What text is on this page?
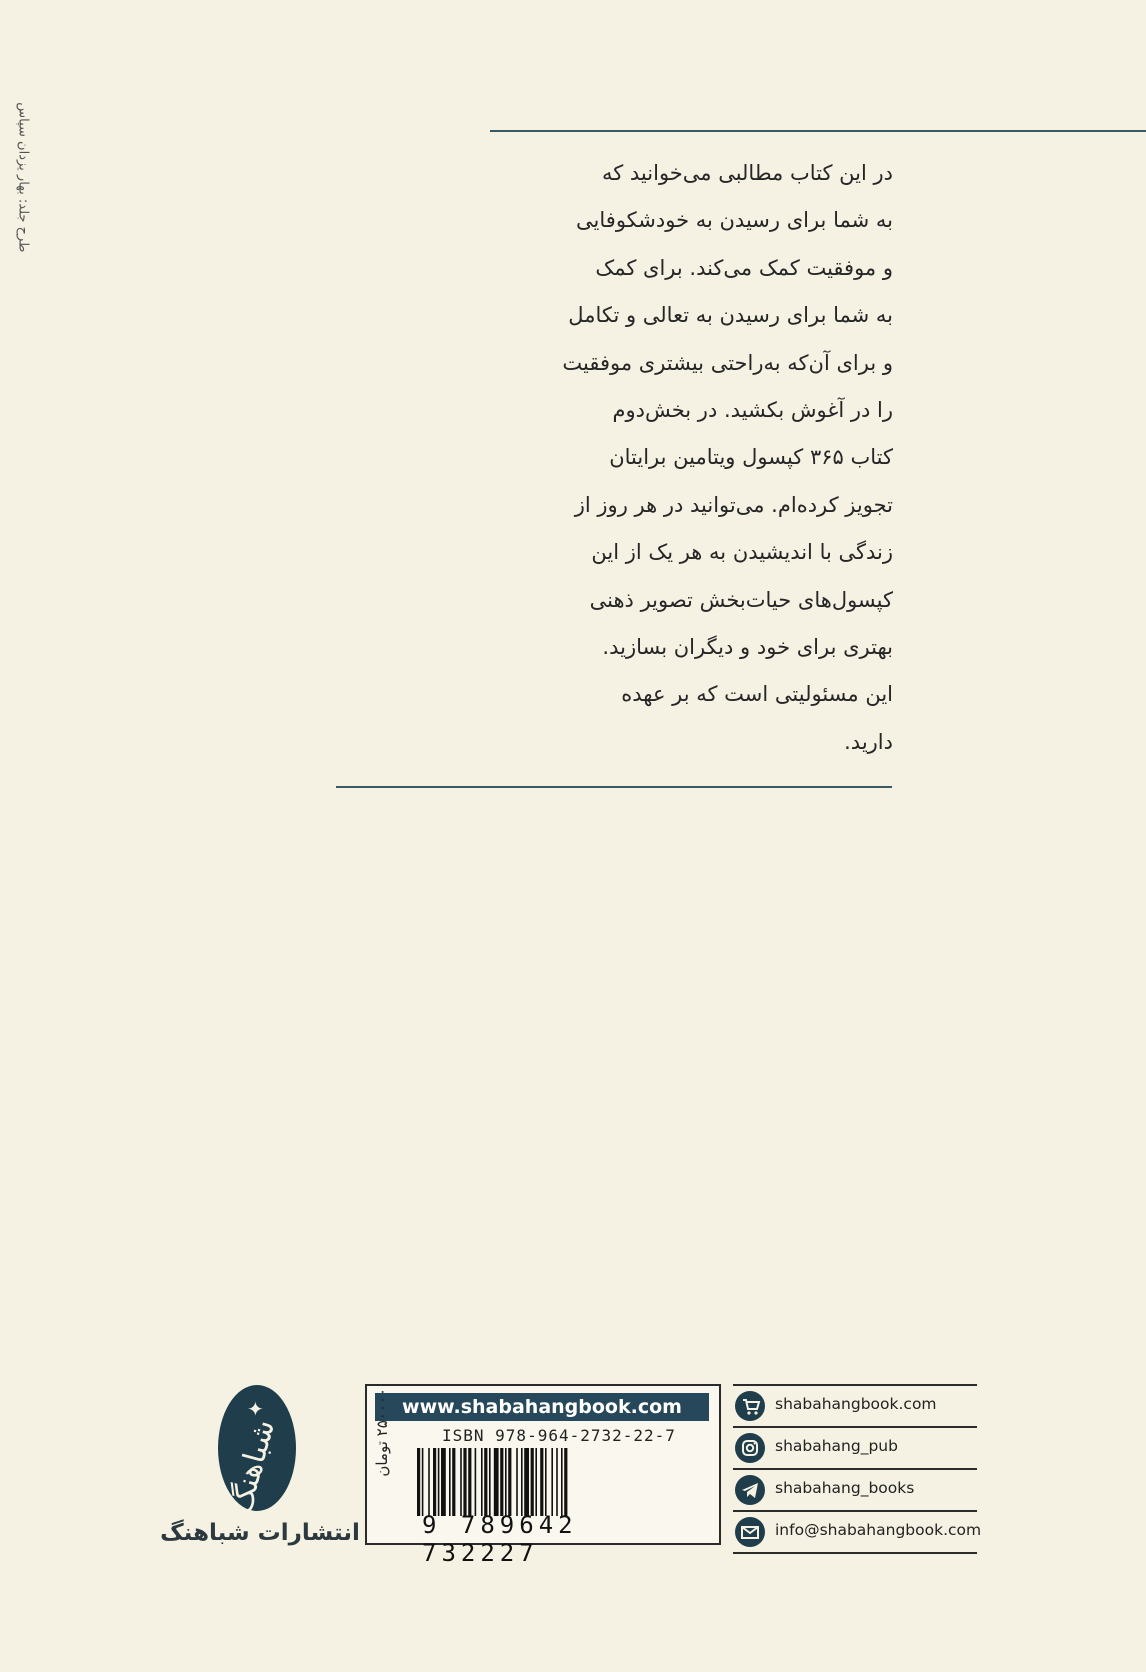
طرح جلد: بهار یزدان سپاس	در این کتاب مطالبی می‌خوانید که
به شما برای رسیدن به خودشکوفایی
و موفقیت کمک می‌کند. برای کمک
به شما برای رسیدن به تعالی و تکامل
و برای آن‌که به‌راحتی بیشتری موفقیت
را در آغوش بکشید. در بخش‌دوم
کتاب ۳۶۵ کپسول ویتامین برایتان
تجویز کرده‌ام. می‌توانید در هر روز از
زندگی با اندیشیدن به هر یک از این
کپسول‌های حیات‌بخش تصویر ذهنی
بهتری برای خود و دیگران بسازید.
این مسئولیتی است که بر عهده
دارید.
✦
شباهنگ
انتشارات شباهنگ
www.shabahangbook.com
ISBN 978-964-2732-22-7
۲۵۰۰۰۰ تومان
9 789642 732227
shabahangbook.com
shabahang_pub
shabahang_books
info@shabahangbook.com
